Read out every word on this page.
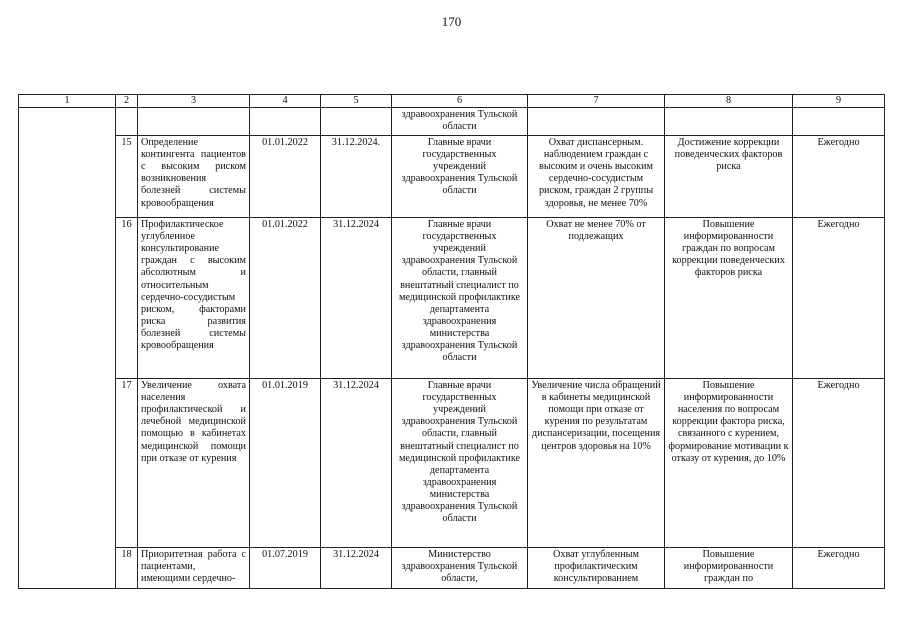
170
1	2	3	4	5	6	7	8	9
					здравоохранения Тульской области			
	15	Определение контингента пациентов с высоким риском возникновения болезней системы кровообращения	01.01.2022	31.12.2024.	Главные врачи государственных учреждений здравоохранения Тульской области	Охват диспансерным. наблюдением граждан с высоким и очень высоким сердечно-сосудистым риском, граждан 2 группы здоровья, не менее 70%	Достижение коррекции поведенческих факторов риска	Ежегодно
	16	Профилактическое углубленное консультирование граждан с высоким абсолютным и относительным сердечно-сосудистым риском, факторами риска развития болезней системы кровообращения	01.01.2022	31.12.2024	Главные врачи государственных учреждений здравоохранения Тульской области, главный внештатный специалист по медицинской профилактике департамента здравоохранения министерства здравоохранения Тульской области	Охват не менее 70% от подлежащих	Повышение информированности граждан по вопросам коррекции поведенческих факторов риска	Ежегодно
	17	Увеличение охвата населения профилактической и лечебной медицинской помощью в кабинетах медицинской помощи при отказе от курения	01.01.2019	31.12.2024	Главные врачи государственных учреждений здравоохранения Тульской области, главный внештатный специалист по медицинской профилактике департамента здравоохранения министерства здравоохранения Тульской области	Увеличение числа обращений в кабинеты медицинской помощи при отказе от курения по результатам диспансеризации, посещения центров здоровья на 10%	Повышение информированности населения по вопросам коррекции фактора риска, связанного с курением, формирование мотивации к отказу от курения, до 10%	Ежегодно
	18	Приоритетная работа с пациентами, имеющими сердечно-	01.07.2019	31.12.2024	Министерство здравоохранения Тульской области,	Охват углубленным профилактическим консультированием	Повышение информированности граждан по	Ежегодно
